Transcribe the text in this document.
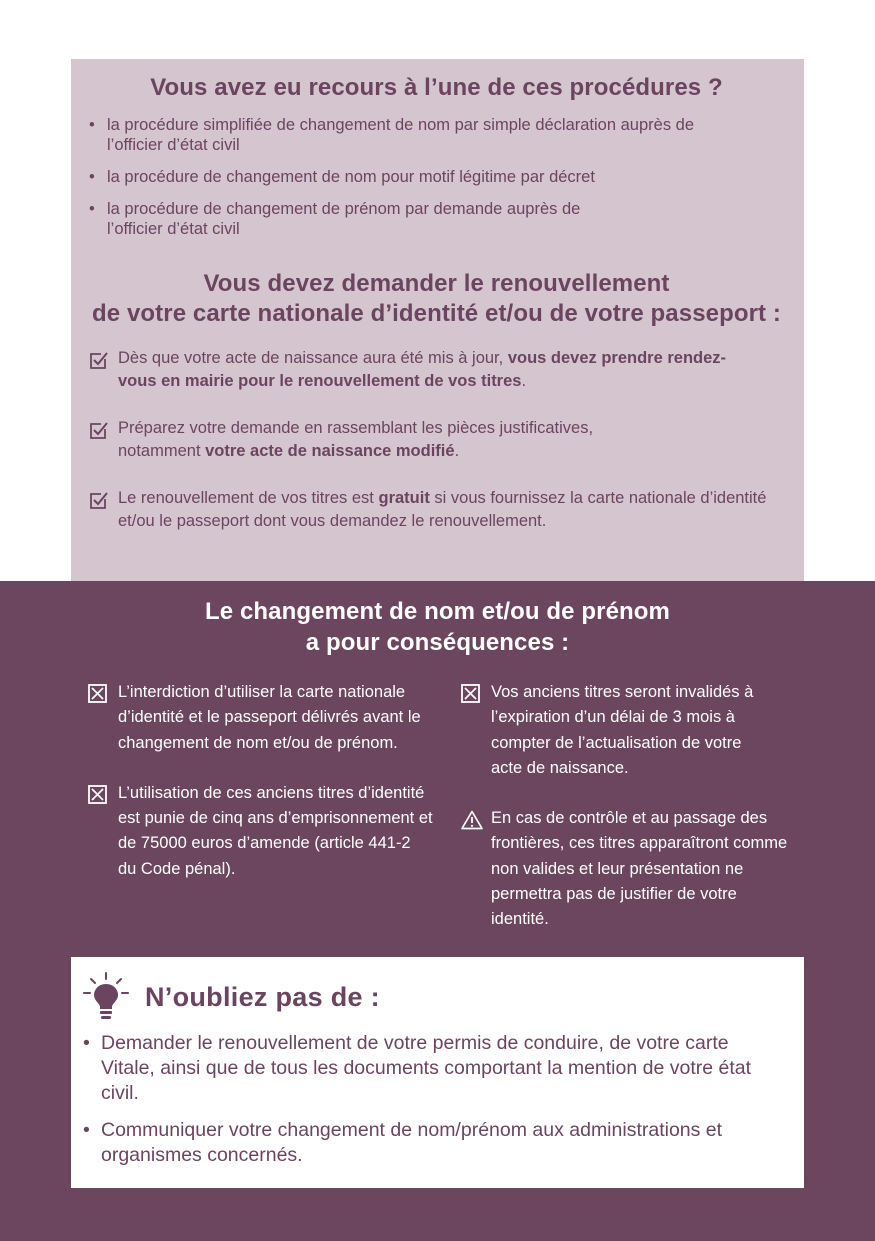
Vous avez eu recours à l’une de ces procédures ?
• la procédure simplifiée de changement de nom par simple déclaration auprès de l’officier d’état civil
• la procédure de changement de nom pour motif légitime par décret
• la procédure de changement de prénom par demande auprès de l’officier d’état civil
Vous devez demander le renouvellement
de votre carte nationale d’identité et/ou de votre passeport :
Dès que votre acte de naissance aura été mis à jour, vous devez prendre rendez-vous en mairie pour le renouvellement de vos titres.
Préparez votre demande en rassemblant les pièces justificatives, notamment votre acte de naissance modifié.
Le renouvellement de vos titres est gratuit si vous fournissez la carte nationale d’identité et/ou le passeport dont vous demandez le renouvellement.
Le changement de nom et/ou de prénom
a pour conséquences :
L’interdiction d’utiliser la carte nationale d’identité et le passeport délivrés avant le changement de nom et/ou de prénom.
L’utilisation de ces anciens titres d’identité est punie de cinq ans d’emprisonnement et de 75000 euros d’amende (article 441-2 du Code pénal).
Vos anciens titres seront invalidés à l’expiration d’un délai de 3 mois à compter de l’actualisation de votre acte de naissance.
En cas de contrôle et au passage des frontières, ces titres apparaîtront comme non valides et leur présentation ne permettra pas de justifier de votre identité.
N’oubliez pas de :
• Demander le renouvellement de votre permis de conduire, de votre carte Vitale, ainsi que de tous les documents comportant la mention de votre état civil.
• Communiquer votre changement de nom/prénom aux administrations et organismes concernés.
